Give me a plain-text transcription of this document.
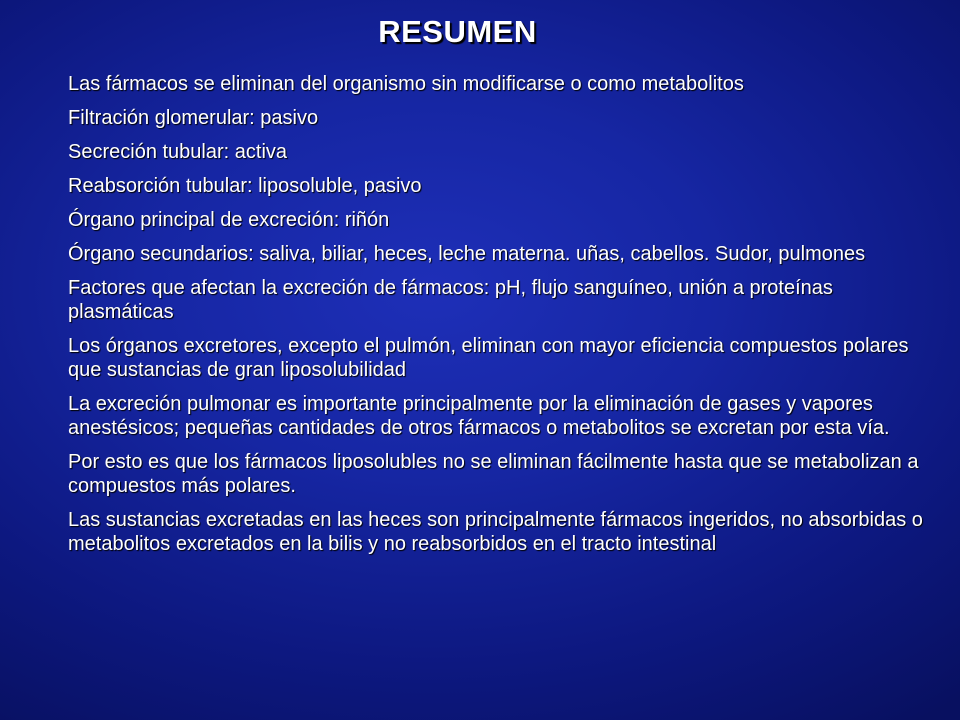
RESUMEN
Las fármacos se eliminan del organismo sin modificarse o como metabolitos
Filtración glomerular: pasivo
Secreción tubular: activa
Reabsorción tubular: liposoluble, pasivo
Órgano principal de excreción: riñón
Órgano secundarios: saliva, biliar, heces, leche materna. uñas, cabellos. Sudor, pulmones
Factores que afectan la excreción de fármacos: pH, flujo sanguíneo, unión a proteínas plasmáticas
Los órganos excretores, excepto el pulmón, eliminan con mayor eficiencia compuestos polares que sustancias de gran liposolubilidad
La excreción pulmonar es importante principalmente por la eliminación de gases y vapores anestésicos; pequeñas cantidades de otros fármacos o metabolitos se excretan por esta vía.
Por esto es que los fármacos liposolubles no se eliminan fácilmente hasta que se metabolizan a compuestos más polares.
Las sustancias excretadas en las heces son principalmente fármacos ingeridos, no absorbidas o metabolitos excretados en la bilis y no reabsorbidos en el tracto intestinal
